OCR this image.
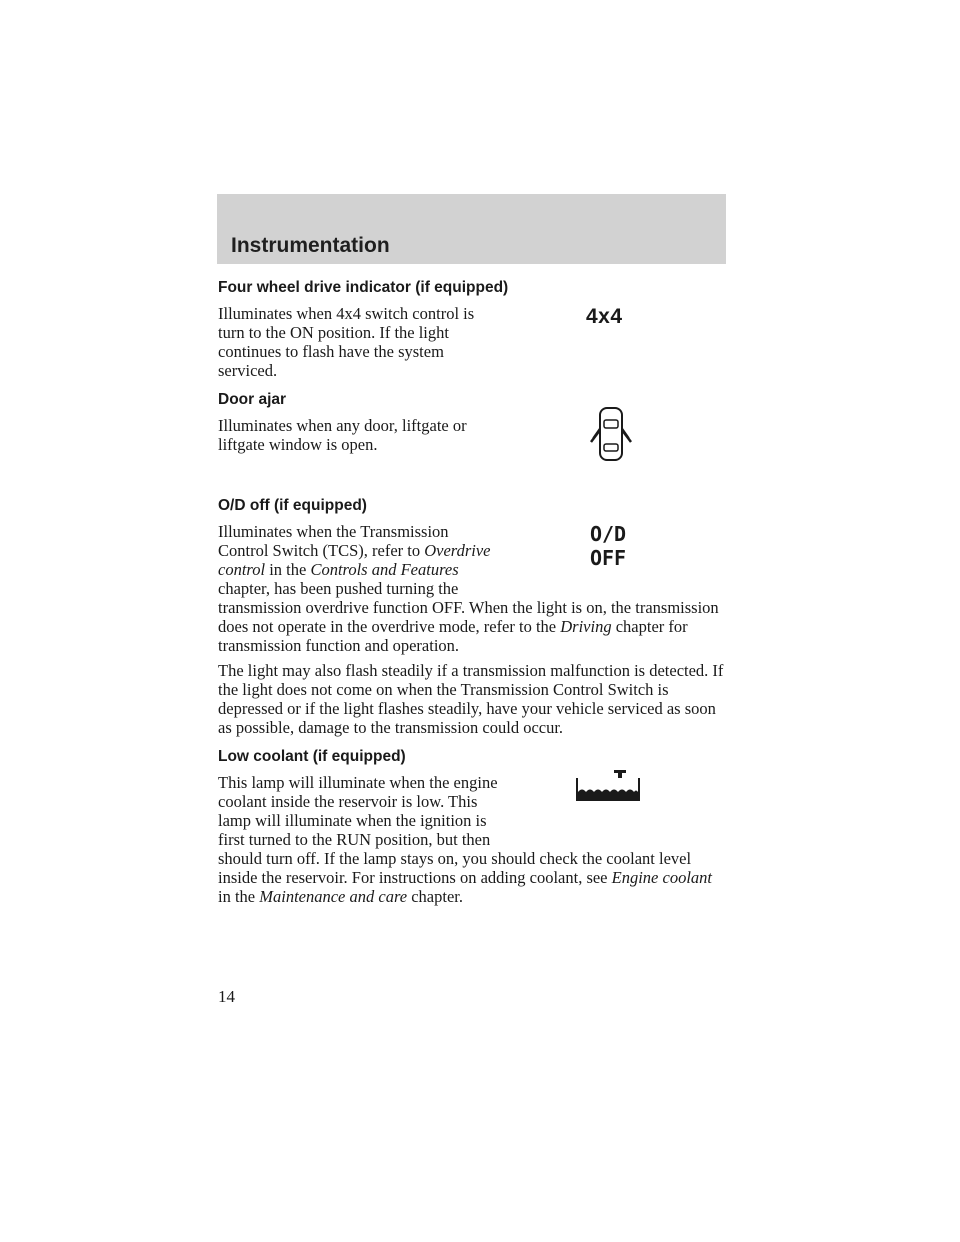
Instrumentation
4x4
O/D
OFF
Four wheel drive indicator (if equipped)

Illuminates when 4x4 switch control is turn to the ON position. If the light continues to flash have the system serviced.

Door ajar

Illuminates when any door, liftgate or liftgate window is open.

O/D off (if equipped)

Illuminates when the Transmission Control Switch (TCS), refer to Overdrive control in the Controls and Features chapter, has been pushed turning the transmission overdrive function OFF. When the light is on, the transmission does not operate in the overdrive mode, refer to the Driving chapter for transmission function and operation.

The light may also flash steadily if a transmission malfunction is detected. If the light does not come on when the Transmission Control Switch is depressed or if the light flashes steadily, have your vehicle serviced as soon as possible, damage to the transmission could occur.

Low coolant (if equipped)

This lamp will illuminate when the engine coolant inside the reservoir is low. This lamp will illuminate when the ignition is first turned to the RUN position, but then should turn off. If the lamp stays on, you should check the coolant level inside the reservoir. For instructions on adding coolant, see Engine coolant in the Maintenance and care chapter.

14
